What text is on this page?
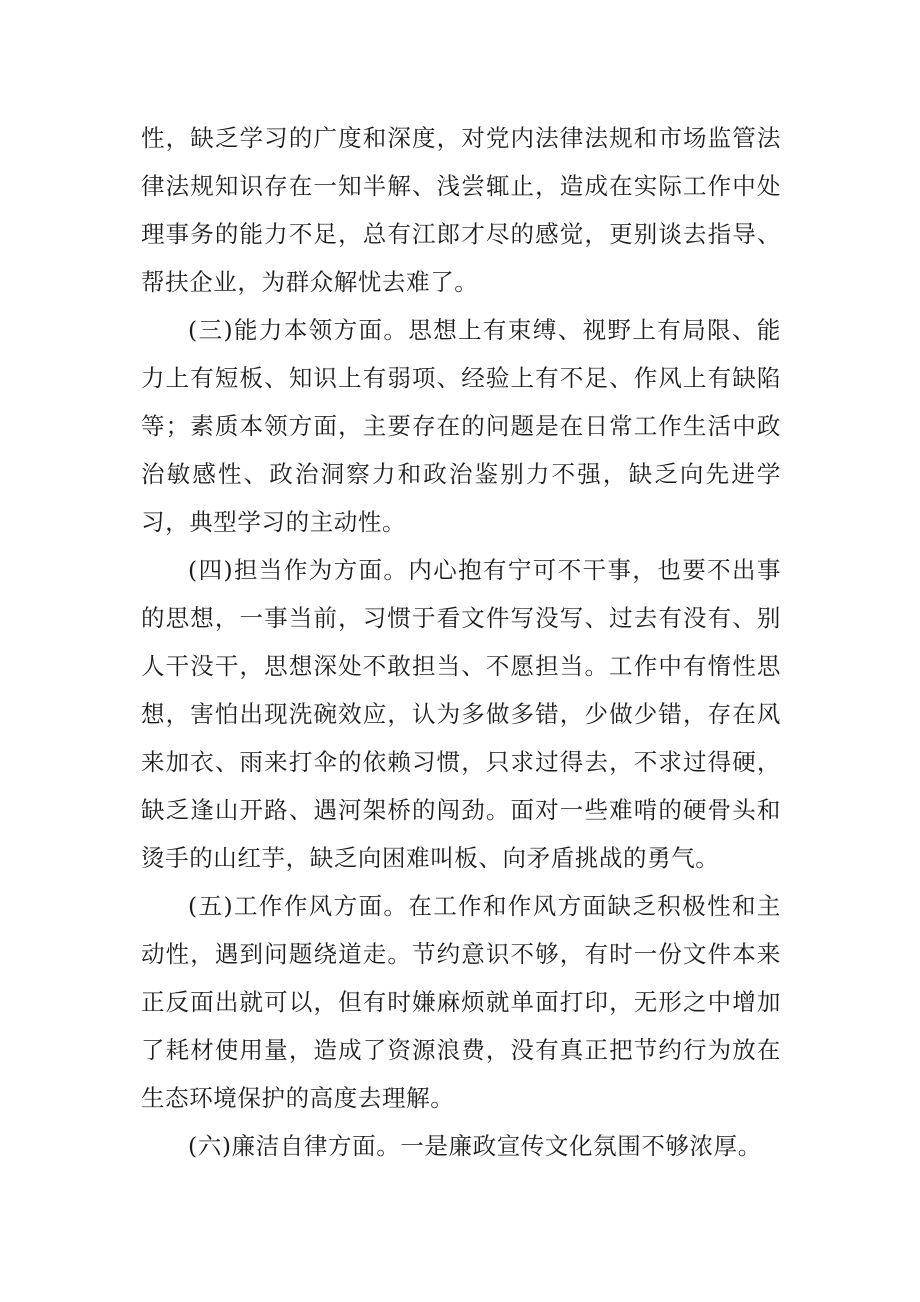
性，缺乏学习的广度和深度，对党内法律法规和市场监管法律法规知识存在一知半解、浅尝辄止，造成在实际工作中处理事务的能力不足，总有江郎才尽的感觉，更别谈去指导、帮扶企业，为群众解忧去难了。

(三)能力本领方面。思想上有束缚、视野上有局限、能力上有短板、知识上有弱项、经验上有不足、作风上有缺陷等；素质本领方面，主要存在的问题是在日常工作生活中政治敏感性、政治洞察力和政治鉴别力不强，缺乏向先进学习，典型学习的主动性。

(四)担当作为方面。内心抱有宁可不干事，也要不出事的思想，一事当前，习惯于看文件写没写、过去有没有、别人干没干，思想深处不敢担当、不愿担当。工作中有惰性思想，害怕出现洗碗效应，认为多做多错，少做少错，存在风来加衣、雨来打伞的依赖习惯，只求过得去，不求过得硬，缺乏逢山开路、遇河架桥的闯劲。面对一些难啃的硬骨头和烫手的山红芋，缺乏向困难叫板、向矛盾挑战的勇气。

(五)工作作风方面。在工作和作风方面缺乏积极性和主动性，遇到问题绕道走。节约意识不够，有时一份文件本来正反面出就可以，但有时嫌麻烦就单面打印，无形之中增加了耗材使用量，造成了资源浪费，没有真正把节约行为放在生态环境保护的高度去理解。

(六)廉洁自律方面。一是廉政宣传文化氛围不够浓厚。
